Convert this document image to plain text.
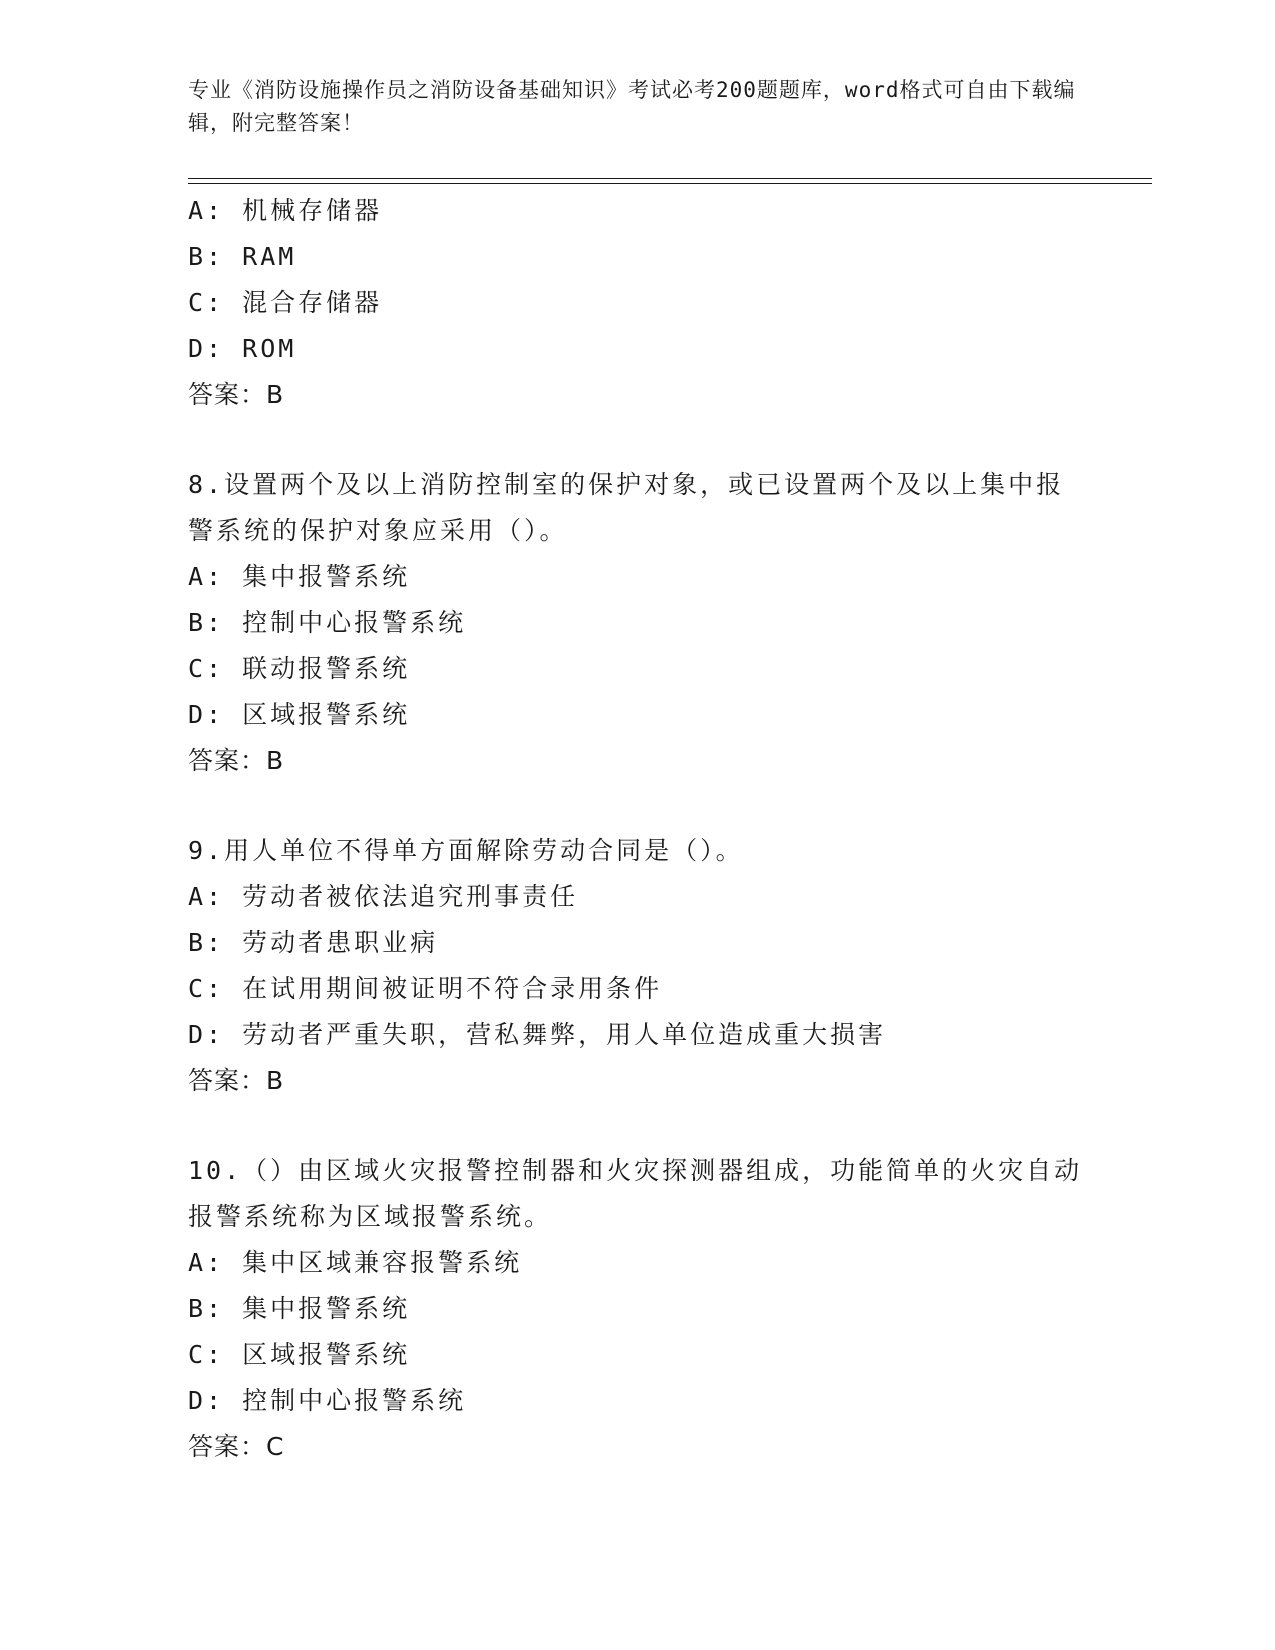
专业《消防设施操作员之消防设备基础知识》考试必考200题题库，word格式可自由下载编辑，附完整答案！
A: 机械存储器
B: RAM
C: 混合存储器
D: ROM
答案：B
8.设置两个及以上消防控制室的保护对象，或已设置两个及以上集中报警系统的保护对象应采用（）。
A: 集中报警系统
B: 控制中心报警系统
C: 联动报警系统
D: 区域报警系统
答案：B
9.用人单位不得单方面解除劳动合同是（）。
A: 劳动者被依法追究刑事责任
B: 劳动者患职业病
C: 在试用期间被证明不符合录用条件
D: 劳动者严重失职，营私舞弊，用人单位造成重大损害
答案：B
10.（）由区域火灾报警控制器和火灾探测器组成，功能简单的火灾自动报警系统称为区域报警系统。
A: 集中区域兼容报警系统
B: 集中报警系统
C: 区域报警系统
D: 控制中心报警系统
答案：C
